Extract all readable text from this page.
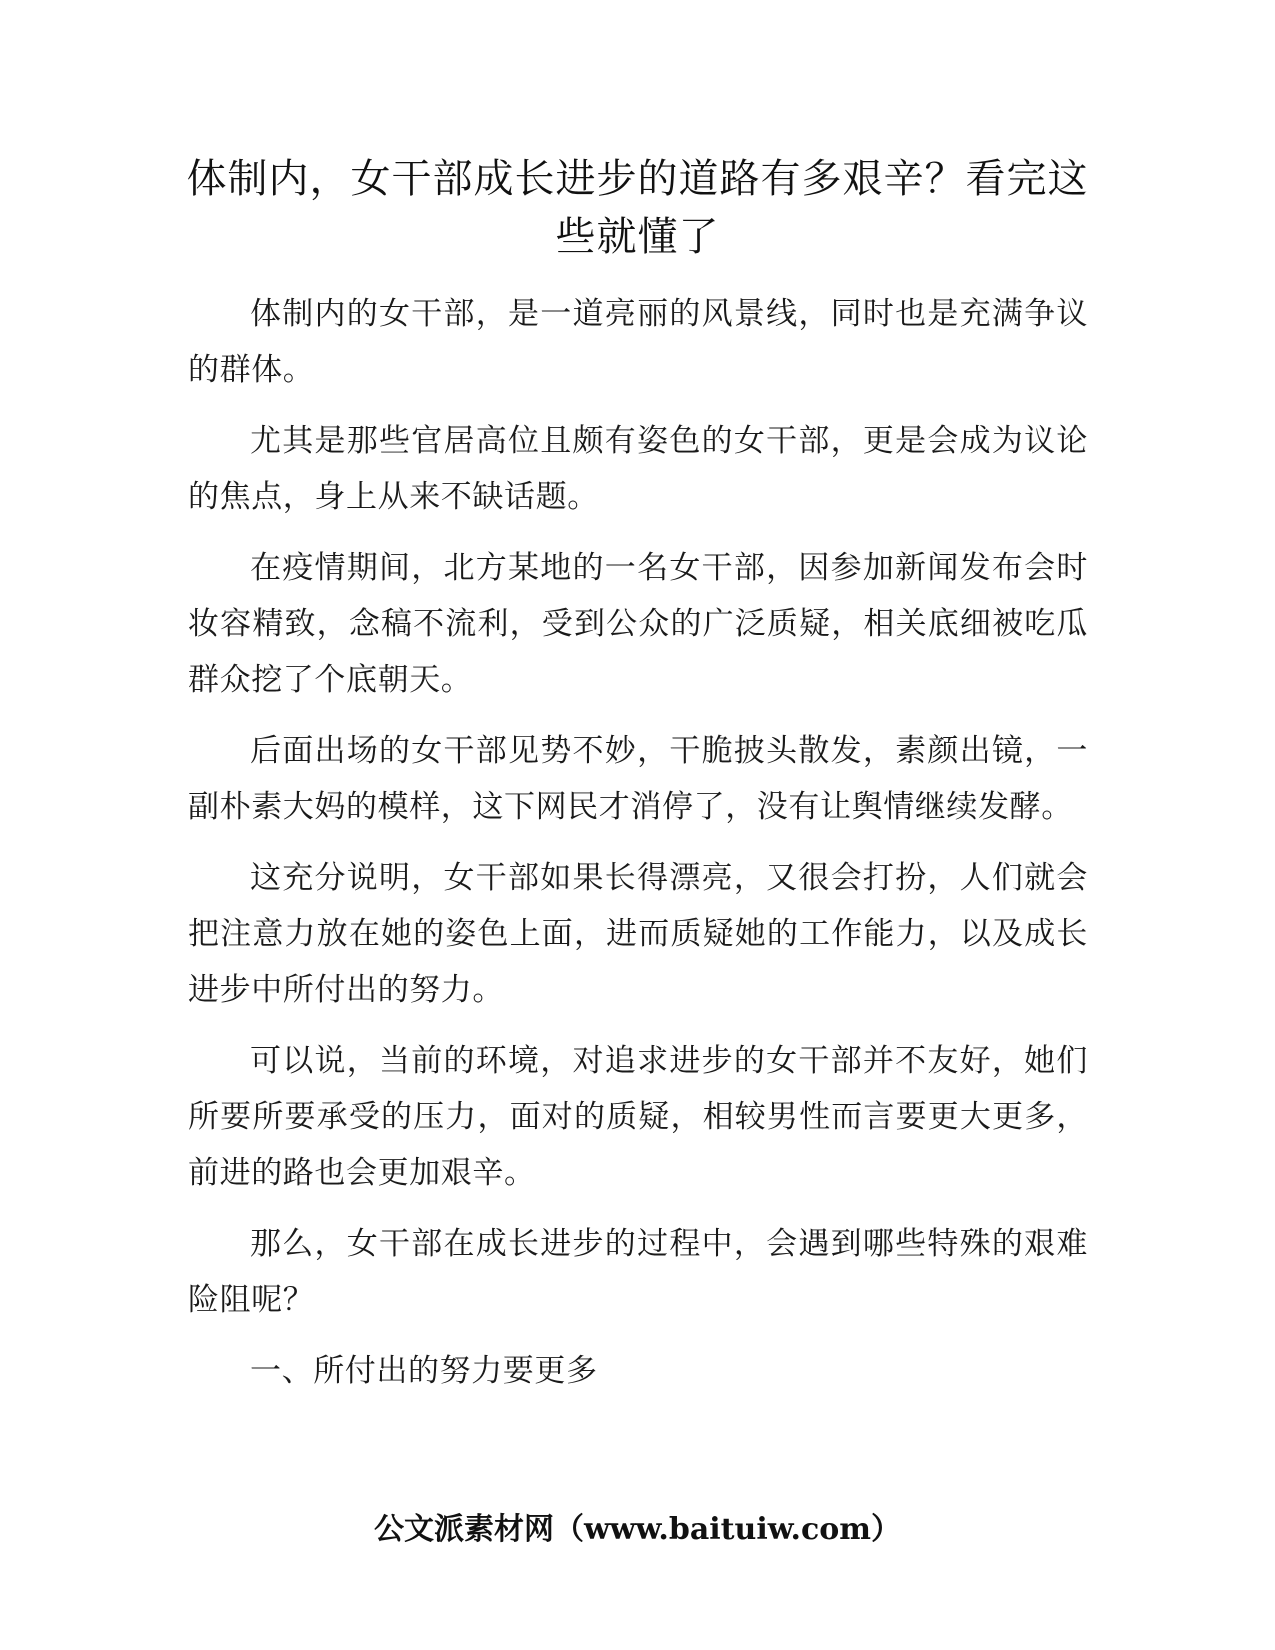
体制内，女干部成长进步的道路有多艰辛？看完这些就懂了

体制内的女干部，是一道亮丽的风景线，同时也是充满争议的群体。

尤其是那些官居高位且颇有姿色的女干部，更是会成为议论的焦点，身上从来不缺话题。

在疫情期间，北方某地的一名女干部，因参加新闻发布会时妆容精致，念稿不流利，受到公众的广泛质疑，相关底细被吃瓜群众挖了个底朝天。

后面出场的女干部见势不妙，干脆披头散发，素颜出镜，一副朴素大妈的模样，这下网民才消停了，没有让舆情继续发酵。

这充分说明，女干部如果长得漂亮，又很会打扮，人们就会把注意力放在她的姿色上面，进而质疑她的工作能力，以及成长进步中所付出的努力。

可以说，当前的环境，对追求进步的女干部并不友好，她们所要所要承受的压力，面对的质疑，相较男性而言要更大更多，前进的路也会更加艰辛。

那么，女干部在成长进步的过程中，会遇到哪些特殊的艰难险阻呢？

一、所付出的努力要更多

公文派素材网（www.baituiw.com）
